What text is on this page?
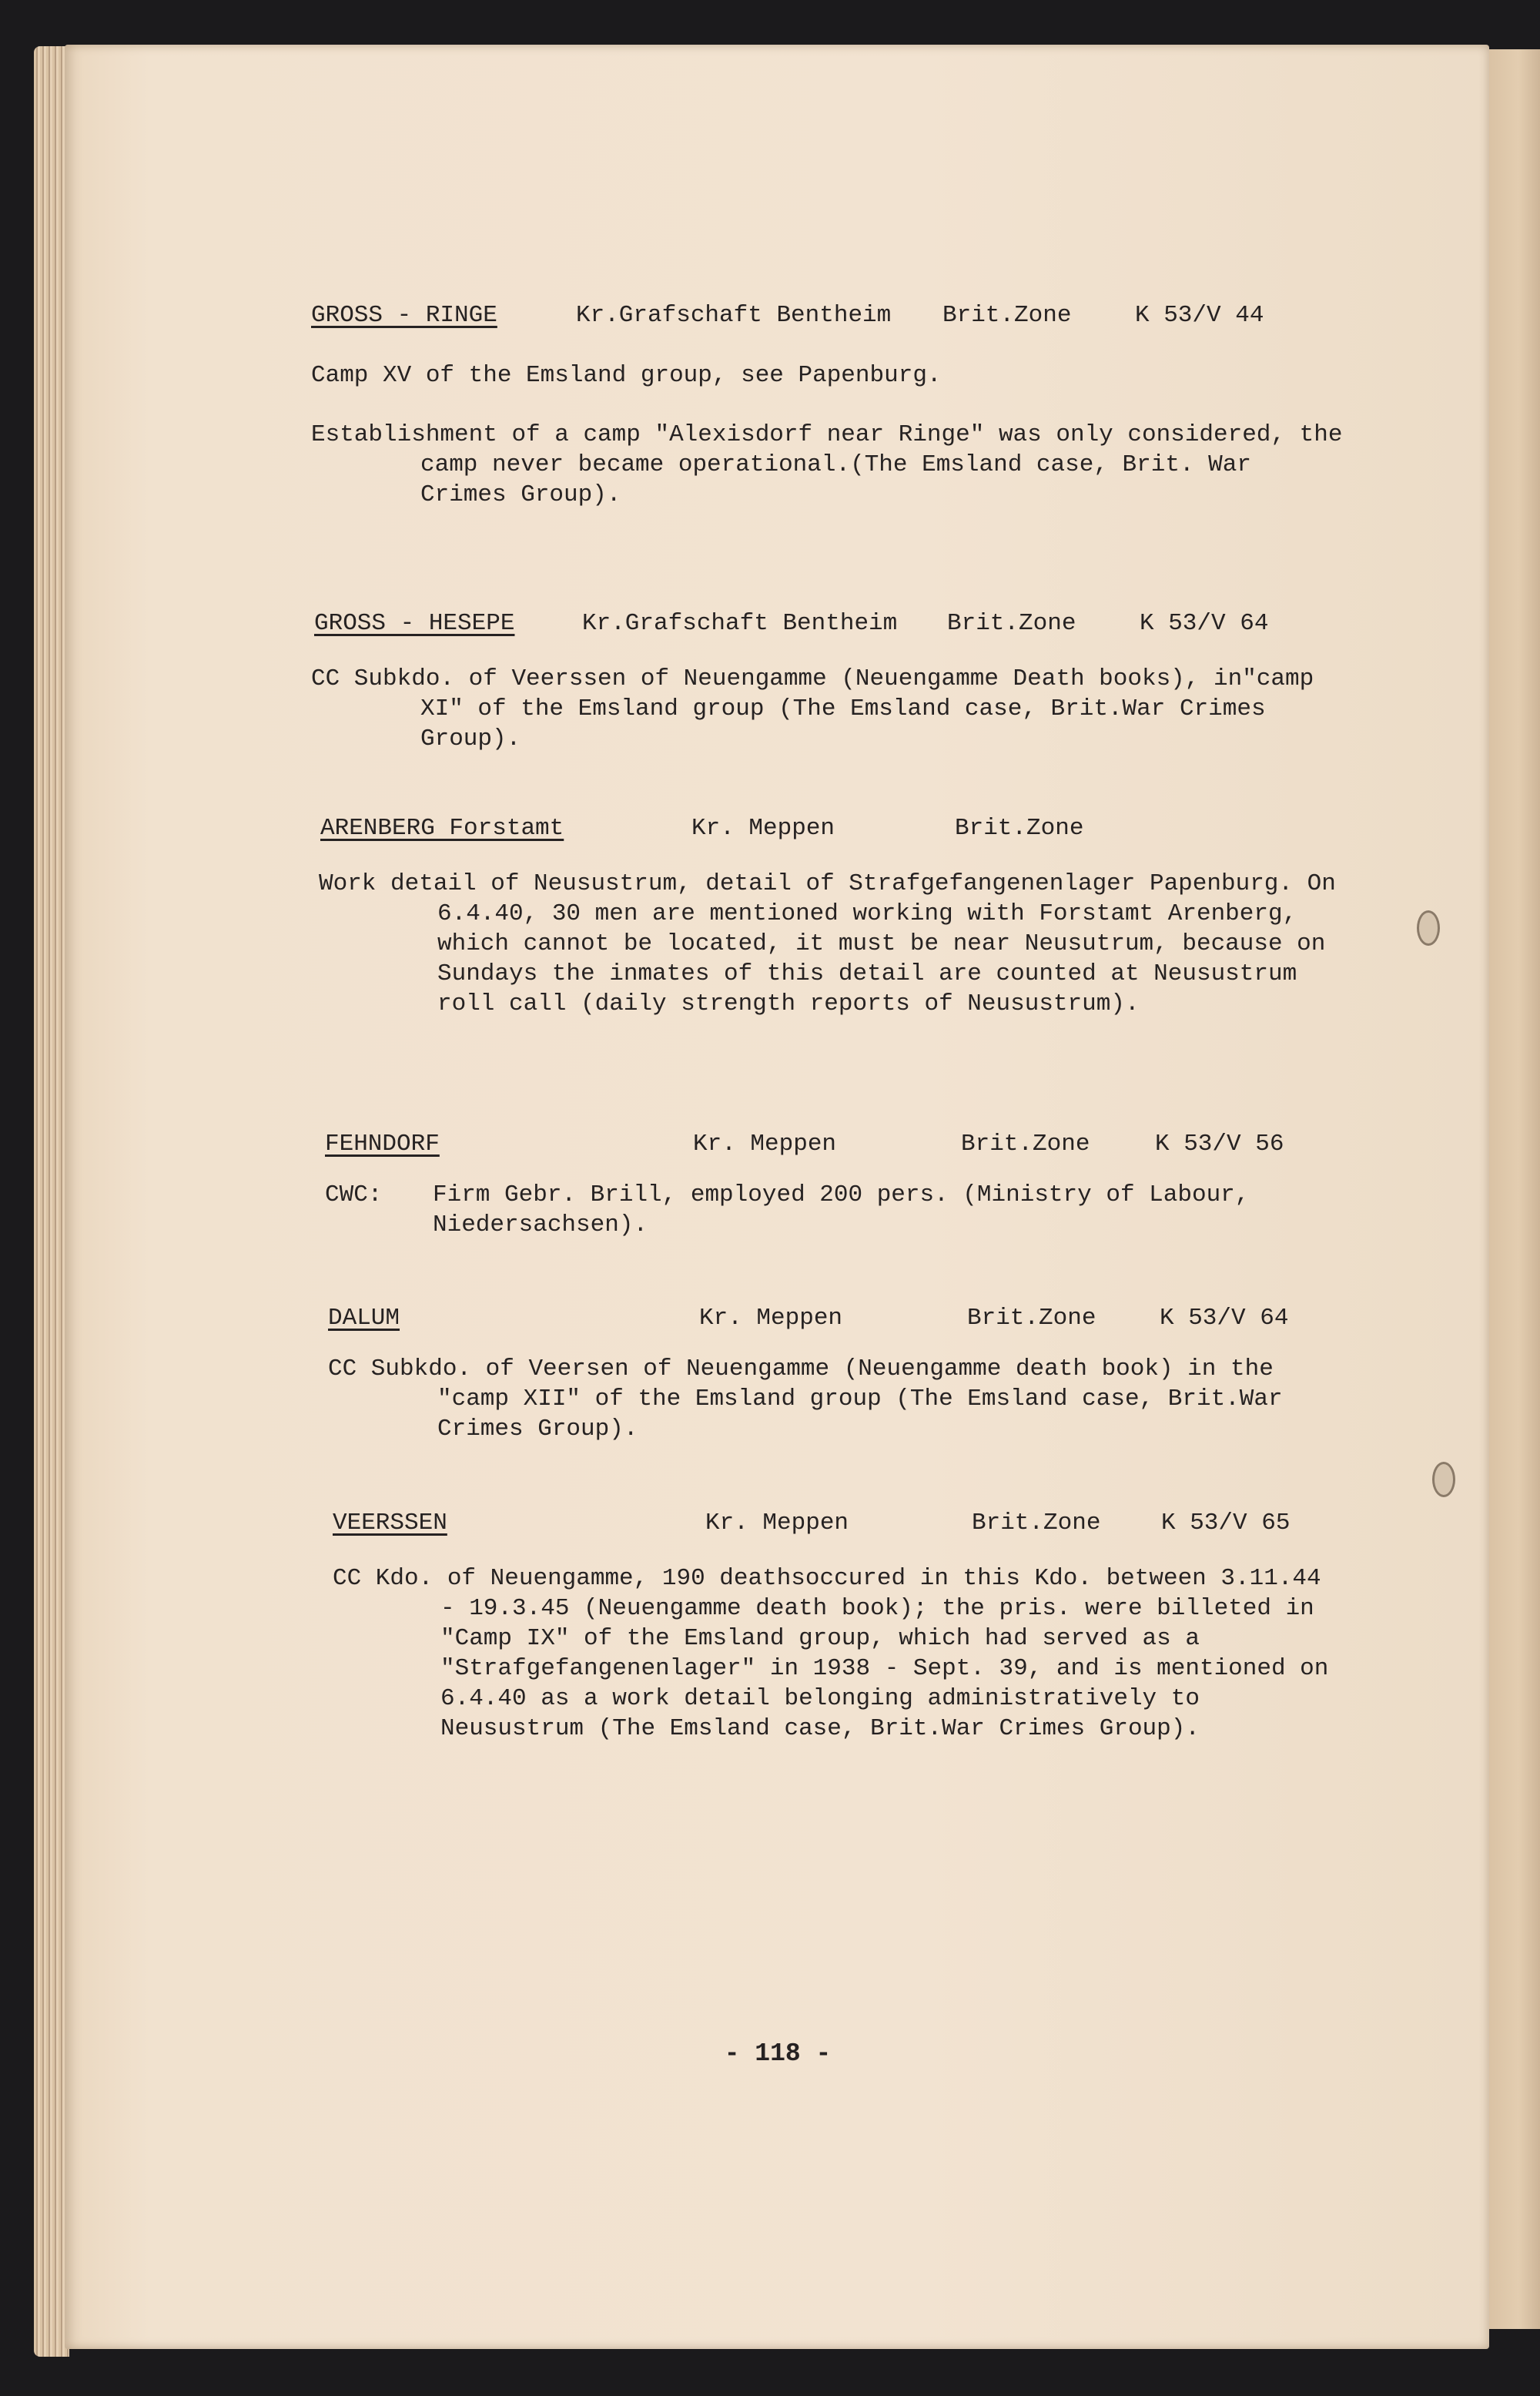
GROSS - RINGE	Kr.Grafschaft Bentheim Brit.Zone	K 53/V 44

Camp XV of the Emsland group, see Papenburg.

Establishment of a camp "Alexisdorf near Ringe" was only considered, the camp never became operational.(The Emsland case, Brit. War Crimes Group).

GROSS - HESEPE	Kr.Grafschaft Bentheim Brit.Zone	K 53/V 64

CC Subkdo. of Veerssen of Neuengamme (Neuengamme Death books), in"camp XI" of the Emsland group (The Emsland case, Brit.War Crimes Group).

ARENBERG Forstamt	Kr. Meppen	Brit.Zone

Work detail of Neusustrum, detail of Strafgefangenenlager Papenburg. On 6.4.40, 30 men are mentioned working with Forstamt Arenberg, which cannot be located, it must be near Neusutrum, because on Sundays the inmates of this detail are counted at Neusustrum roll call (daily strength reports of Neusustrum).

FEHNDORF	Kr. Meppen	Brit.Zone	K 53/V 56
CWC:	Firm Gebr. Brill, employed 200 pers. (Ministry of Labour, Niedersachsen).
DALUM	Kr. Meppen	Brit.Zone	K 53/V 64

CC Subkdo. of Veersen of Neuengamme (Neuengamme death book) in the "camp XII" of the Emsland group (The Emsland case, Brit.War Crimes Group).

VEERSSEN	Kr. Meppen	Brit.Zone	K 53/V 65

CC Kdo. of Neuengamme, 190 deathsoccured in this Kdo. between 3.11.44 - 19.3.45 (Neuengamme death book); the pris. were billeted in "Camp IX" of the Emsland group, which had served as a "Strafgefangenenlager" in 1938 - Sept. 39, and is mentioned on 6.4.40 as a work detail belonging administratively to Neusustrum (The Emsland case, Brit.War Crimes Group).

- 118 -
